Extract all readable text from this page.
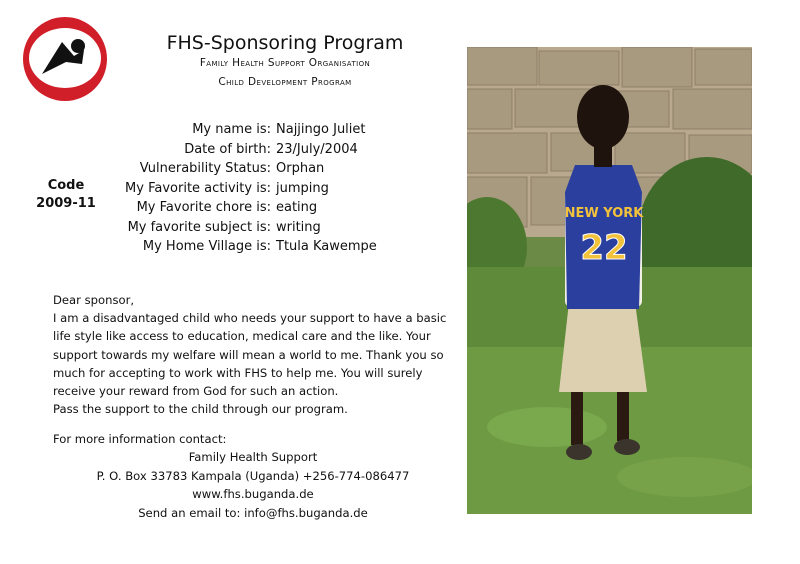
FHS-Sponsoring Program
Family Health Support Organisation
Child Development Program
Code
2009-11
My name is: Najjingo Juliet
Date of birth: 23/July/2004
Vulnerability Status: Orphan
My Favorite activity is: jumping
My Favorite chore is: eating
My favorite subject is: writing
My Home Village is: Ttula Kawempe

Dear sponsor,

I am a disadvantaged child who needs your support to have a basic life style like access to education, medical care and the like. Your support towards my welfare will mean a world to me. Thank you so much for accepting to work with FHS to help me. You will surely receive your reward from God for such an action.

Pass the support to the child through our program.

For more information contact:
Family Health Support
P. O. Box 33783 Kampala (Uganda) +256-774-086477
www.fhs.buganda.de
Send an email to: info@fhs.buganda.de
NEW YORK
22
